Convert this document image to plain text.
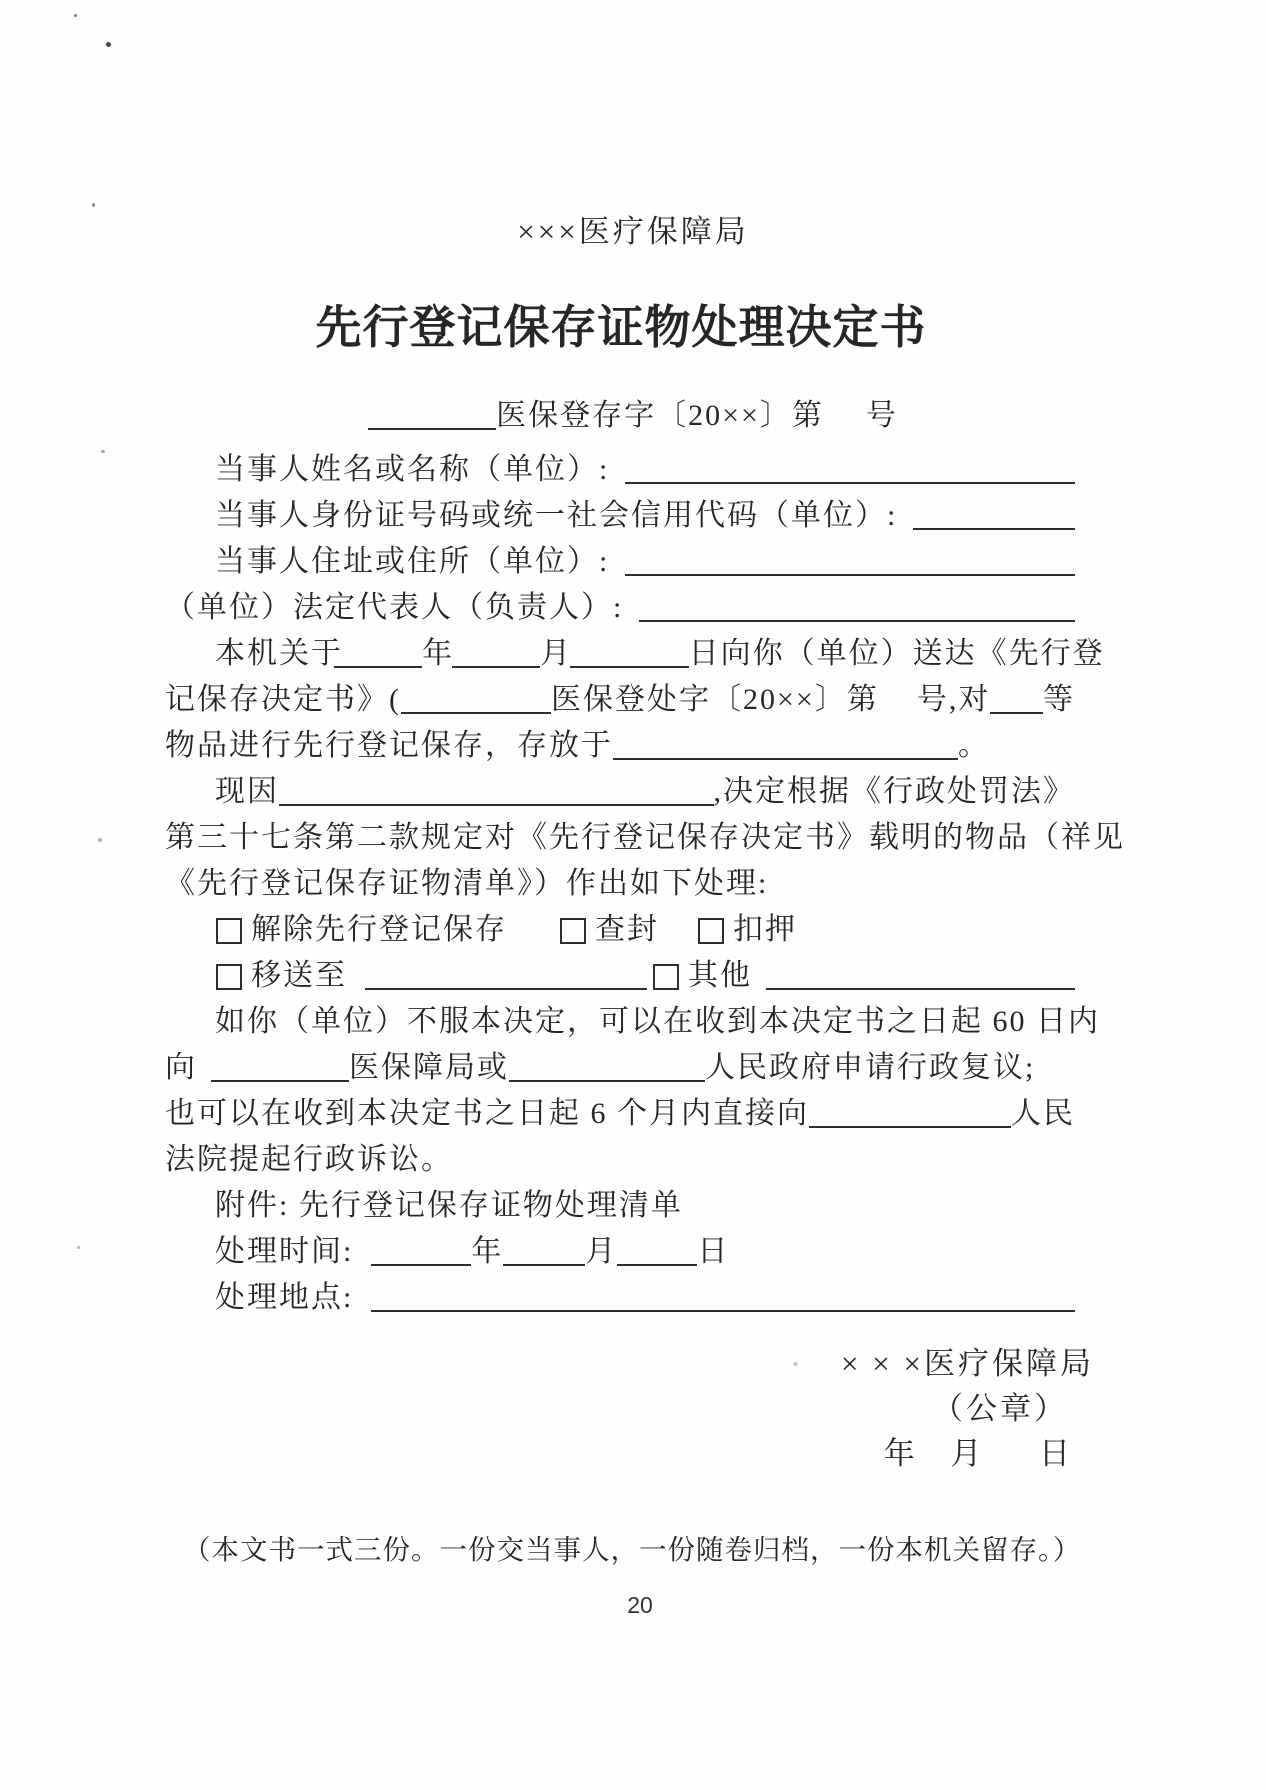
×××医疗保障局
先行登记保存证物处理决定书
医保登存字〔20××〕第 号
当事人姓名或名称（单位）:
当事人身份证号码或统一社会信用代码（单位）:
当事人住址或住所（单位）:
（单位）法定代表人（负责人）:
本机关于	年	月	日向你（单位）送达《先行登
记保存决定书》(	医保登处字〔20××〕第 号,对 等
物品进行先行登记保存，存放于	。
现因	,决定根据《行政处罚法》
第三十七条第二款规定对《先行登记保存决定书》载明的物品（祥见
《先行登记保存证物清单》）作出如下处理:
解除先行登记保存	查封 扣押
移送至	其他
如你（单位）不服本决定，可以在收到本决定书之日起 60 日内
向	医保障局或	人民政府申请行政复议;
也可以在收到本决定书之日起 6 个月内直接向	人民
法院提起行政诉讼。
附件: 先行登记保存证物处理清单
处理时间:	年	月	日
处理地点:
× × ×医疗保障局
（公章）
年 月  日
（本文书一式三份。一份交当事人，一份随卷归档，一份本机关留存。）
20
